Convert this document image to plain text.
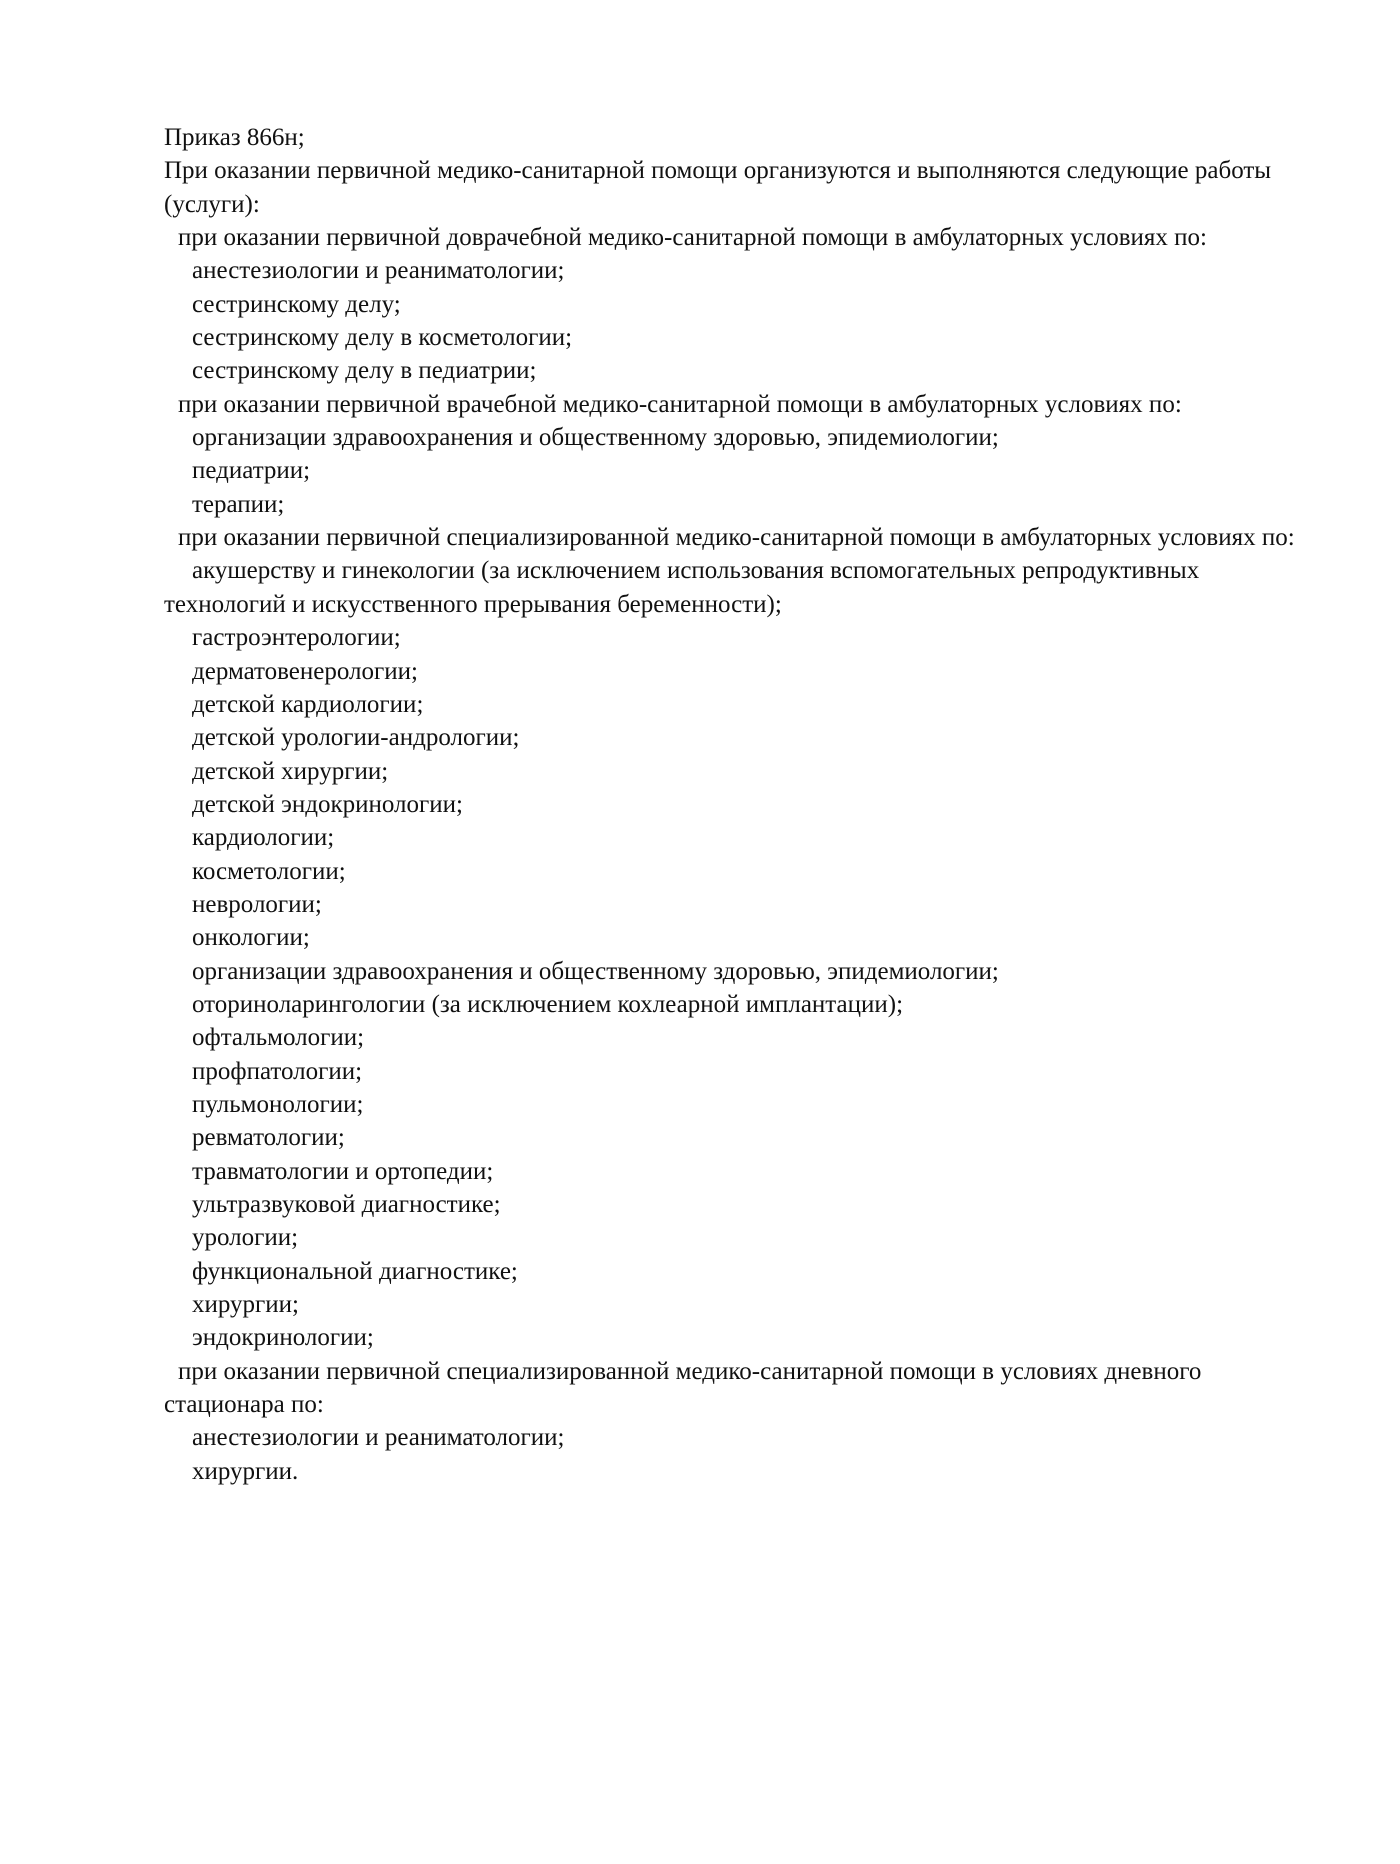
Приказ 866н;

При оказании первичной медико-санитарной помощи организуются и выполняются следующие работы (услуги):

при оказании первичной доврачебной медико-санитарной помощи в амбулаторных условиях по:

анестезиологии и реаниматологии;

сестринскому делу;

сестринскому делу в косметологии;

сестринскому делу в педиатрии;

при оказании первичной врачебной медико-санитарной помощи в амбулаторных условиях по:

организации здравоохранения и общественному здоровью, эпидемиологии;

педиатрии;

терапии;

при оказании первичной специализированной медико-санитарной помощи в амбулаторных условиях по:

акушерству и гинекологии (за исключением использования вспомогательных репродуктивных технологий и искусственного прерывания беременности);

гастроэнтерологии;

дерматовенерологии;

детской кардиологии;

детской урологии-андрологии;

детской хирургии;

детской эндокринологии;

кардиологии;

косметологии;

неврологии;

онкологии;

организации здравоохранения и общественному здоровью, эпидемиологии;

оториноларингологии (за исключением кохлеарной имплантации);

офтальмологии;

профпатологии;

пульмонологии;

ревматологии;

травматологии и ортопедии;

ультразвуковой диагностике;

урологии;

функциональной диагностике;

хирургии;

эндокринологии;

при оказании первичной специализированной медико-санитарной помощи в условиях дневного стационара по:

анестезиологии и реаниматологии;

хирургии.
